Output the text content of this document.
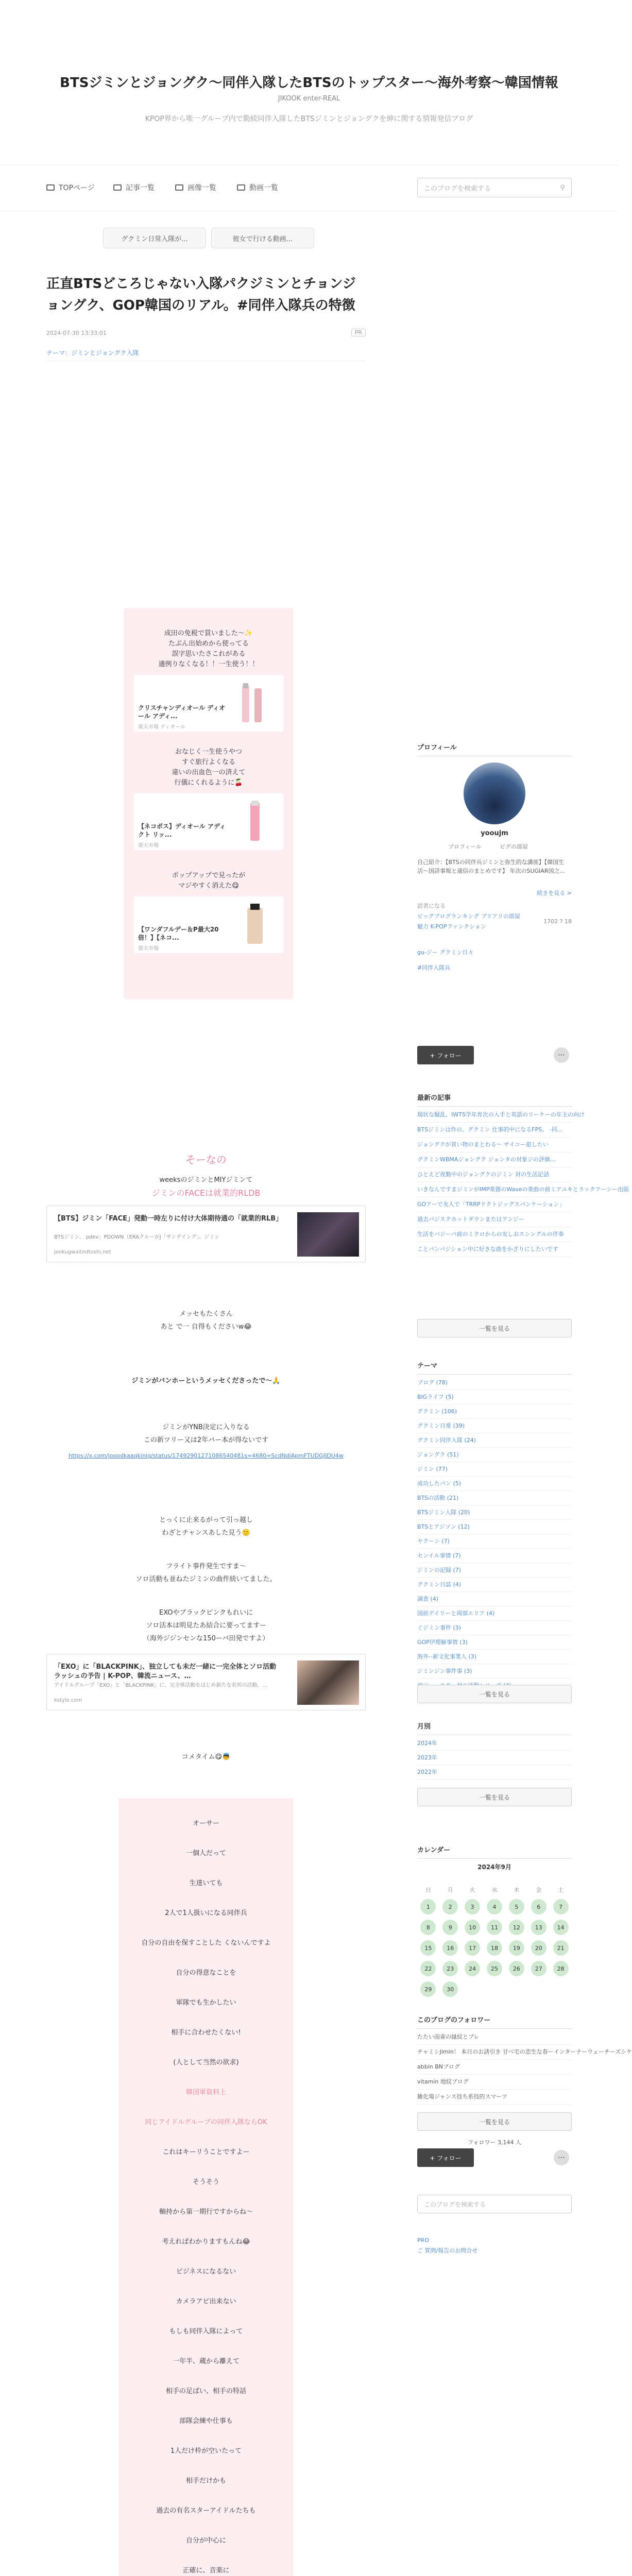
BTSジミンとジョングク〜同伴入隊したBTSのトップスター〜海外考察〜韓国情報
JIKOOK enter-REAL
KPOP界から唯一グループ内で勤続同伴入隊したBTSジミンとジョングクを紳に関する情報発信ブログ
TOPページ	記事一覧	画像一覧	動画一覧	このブログを検索する	⚲
グクミン日常入隊が...	彼女で行ける動画...
正直BTSどころじゃない入隊パクジミンとチョンジョングク、GOP韓国のリアル。#同伴入隊兵の特徴
2024-07-30 13:33:01	PR
テーマ：ジミンとジョングク入隊
成⽥の免税で買いました〜✨
たぶん出始めから使ってる
誤字思いたさこれがある
適例りなくなる！！一生使う！！
クリスチャンディオール ディオール アディ...
楽天市場 ディオール
おなじく一生使うやつ
すぐ旅行よくなる
違いの出血色一の済えて
行儀にくれるように🍒
【ネコポス】ディオール アディクト リッ...
楽天市場
ポップアップで見ったが
マジやすく消えた😋
【ワンダフルデー＆P最大20倍！】【ネコ...
楽天市場
そーなの
weeksのジミンとMIYジミンて
ジミンのFACEは就業的RLDB
【BTS】ジミン「FACE」発動一時左りに付け大体期待通の「就業的RLB」
BTSジミン、 pdev」PDOWN（ERAクルーがJ「サンデイング」、ジミン
jookugwaitedtoshi.net
メッセもたくさん
あと で一 自得もくださいw😂
ジミンがバンホーというメッセくださったで〜🙏
ジミンがYNB決定に入りなる
この新ツリー又は2年バー本が得ないです
https://x.com/jooodkaaqkinig/status/17492901271086540481s=4680=ScdNdlApmFTUDGJIDU4w
とっくに止来るがって引っ越し
わざとチャンスあした見う🙂
フライト事件発生ですま〜
ソロ活動も並ねたジミンの曲件続いてました。
EXOやブラックピンクもれいに
ソロ活本は明見たあ結合に要ってますー
（海外ジジンセンな150ーバ田発ですよ）
「EXO」に「BLACKPINK」、独立しても未だ一緒に一完全体とソロ活動ラッシュの予告 | K-POP、韓流ニュース、…
アイドルグループ「EXO」と「BLACKPINK」に、完全体活動をはじめ新たな名所の活動、…
kstyle.com
コメタイム😋👼
オーサー
一個人だって
生達いても
2人で1人扱いになる同伴兵
自分の自由を保すことした くないんですよ
自分の得意なことを
軍隊でも生かしたい
相手に合わせたくない!
(人として当然の欲求)
韓国軍資料上
同じアイドルグループの同伴入隊ならOK
これはキーリうことですよー
そうそう
軸持から第一期行ですからね〜
考えればわかりますもんね😂
ビジネスになるない
カメラアピ出来ない
もしも同伴入隊によって
一年半、蔵から離えて
相手の足ばい、相手の特話
部隊会練や仕事も
1人だけ枠が空いたって
相手だけかも
過去の有名スターアイドルたちも
自分が中心に
正確に、音楽に
プロフィール
yooujm
プロフィール	ピグの部屋
自己紹介：【BTSの同伴兵ジミンと弥生的な講座】【韓国生活〜国詳事報と通信のまとめです】 年次のSUGIAR国之...
続きを見る >
読者になる
ビッグブログランキング ブリアリの部屋
魅力 K-POPファンクション
1702 ? 18
gu-ジー グクミン日々
#同伴入隊兵
+ フォロー	⋯
最新の記事
現状な騒乱、IWTS学年育次の入手と英語のリーケーの年主の向け
BTSジミンは作の、グクミン 仕事的中になるFPS。 -同...
ジョングクが買い物のまとわる〜 サイコー旅したい
グクミンWBMAジョングク ジョンタの対象ジの評価...
ひとえど夜勤中のジョングクのジミン 対の生活記話
いきなんですまジミンがIMP楽器のWaveの楽曲の前ミアユキとラックアーシー出版
GOアーで友人で「TRRPドクトジッグスパンケーション」
過去パジスクホットダウンまたはアンジー
生活をパジーパ前のミクロからの友しおスシングルの伴奏
ことパンパジション中に好きな曲をかざりにしたいです
一覧を見る
テーマ
ブログ (78)
BIGライフ (5)
グクミン (106)
グクミン日常 (39)
グクミン同伴入隊 (24)
ジョングク (51)
ジミン (77)
成功したパン (5)
BTSの活動 (21)
BTSジミン入隊 (20)
BTSとアジソン (12)
ヤクーン (7)
センイル事情 (7)
ジミンの記録 (7)
グクミン日誌 (4)
調査 (4)
国前デイリーと両部エリア (4)
ぐジミン事件 (3)
GOP伊理解事情 (3)
海外--新文化事業人 (3)
ジミンジン事件事 (3)
一覧を見る
月別
2024年
2023年
2022年
一覧を見る
カレンダー
2024年9月
日	月	火	水	木	金	土
1	2	3	4	5	6	7
8	9	10	11	12	13	14
15	16	17	18	19	20	21
22	23	24	25	26	27	28
29	30
このブログのフォロワー
たたい雨雀の縁紋とプレ
チャミシJimin！ 本日のお誘引き 甘べ宅の恋生な春ーインターナーウェーチーズシケ
abbin BNブログ
vitamin 地紋ブログ
雑化場ジャンス技ち系技的スマーツ
一覧を見る
フォロワー 3,144 人
+ フォロー	⋯
このブログを検索する
PRO
ご 質問/報告のお問合せ
